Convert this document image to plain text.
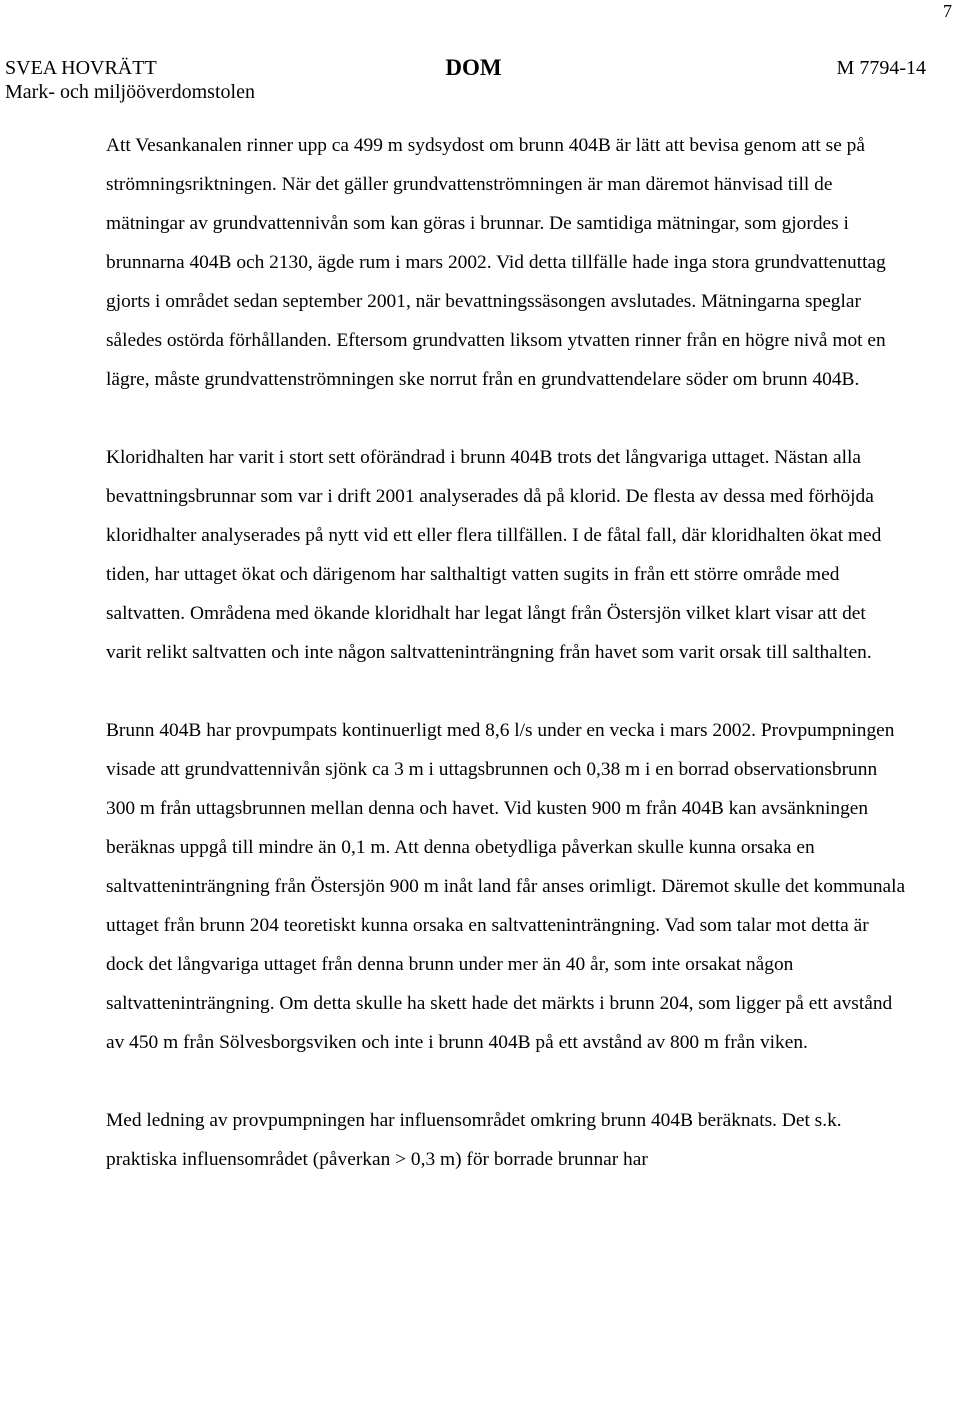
7
SVEA HOVRÄTT
Mark- och miljööverdomstolen
DOM	M 7794-14

Att Vesankanalen rinner upp ca 499 m sydsydost om brunn 404B är lätt att bevisa genom att se på strömningsriktningen. När det gäller grundvattenströmningen är man däremot hänvisad till de mätningar av grundvattennivån som kan göras i brunnar. De samtidiga mätningar, som gjordes i brunnarna 404B och 2130, ägde rum i mars 2002. Vid detta tillfälle hade inga stora grundvattenuttag gjorts i området sedan september 2001, när bevattningssäsongen avslutades. Mätningarna speglar således ostörda förhållanden. Eftersom grundvatten liksom ytvatten rinner från en högre nivå mot en lägre, måste grundvattenströmningen ske norrut från en grundvattendelare söder om brunn 404B.

Kloridhalten har varit i stort sett oförändrad i brunn 404B trots det långvariga uttaget. Nästan alla bevattningsbrunnar som var i drift 2001 analyserades då på klorid. De flesta av dessa med förhöjda kloridhalter analyserades på nytt vid ett eller flera tillfällen. I de fåtal fall, där kloridhalten ökat med tiden, har uttaget ökat och därigenom har salthaltigt vatten sugits in från ett större område med saltvatten. Områdena med ökande kloridhalt har legat långt från Östersjön vilket klart visar att det varit relikt saltvatten och inte någon saltvatteninträngning från havet som varit orsak till salthalten.

Brunn 404B har provpumpats kontinuerligt med 8,6 l/s under en vecka i mars 2002. Provpumpningen visade att grundvattennivån sjönk ca 3 m i uttagsbrunnen och 0,38 m i en borrad observationsbrunn 300 m från uttagsbrunnen mellan denna och havet. Vid kusten 900 m från 404B kan avsänkningen beräknas uppgå till mindre än 0,1 m. Att denna obetydliga påverkan skulle kunna orsaka en saltvatteninträngning från Östersjön 900 m inåt land får anses orimligt. Däremot skulle det kommunala uttaget från brunn 204 teoretiskt kunna orsaka en saltvatteninträngning. Vad som talar mot detta är dock det långvariga uttaget från denna brunn under mer än 40 år, som inte orsakat någon saltvatteninträngning. Om detta skulle ha skett hade det märkts i brunn 204, som ligger på ett avstånd av 450 m från Sölvesborgsviken och inte i brunn 404B på ett avstånd av 800 m från viken.

Med ledning av provpumpningen har influensområdet omkring brunn 404B beräknats. Det s.k. praktiska influensområdet (påverkan > 0,3 m) för borrade brunnar har
